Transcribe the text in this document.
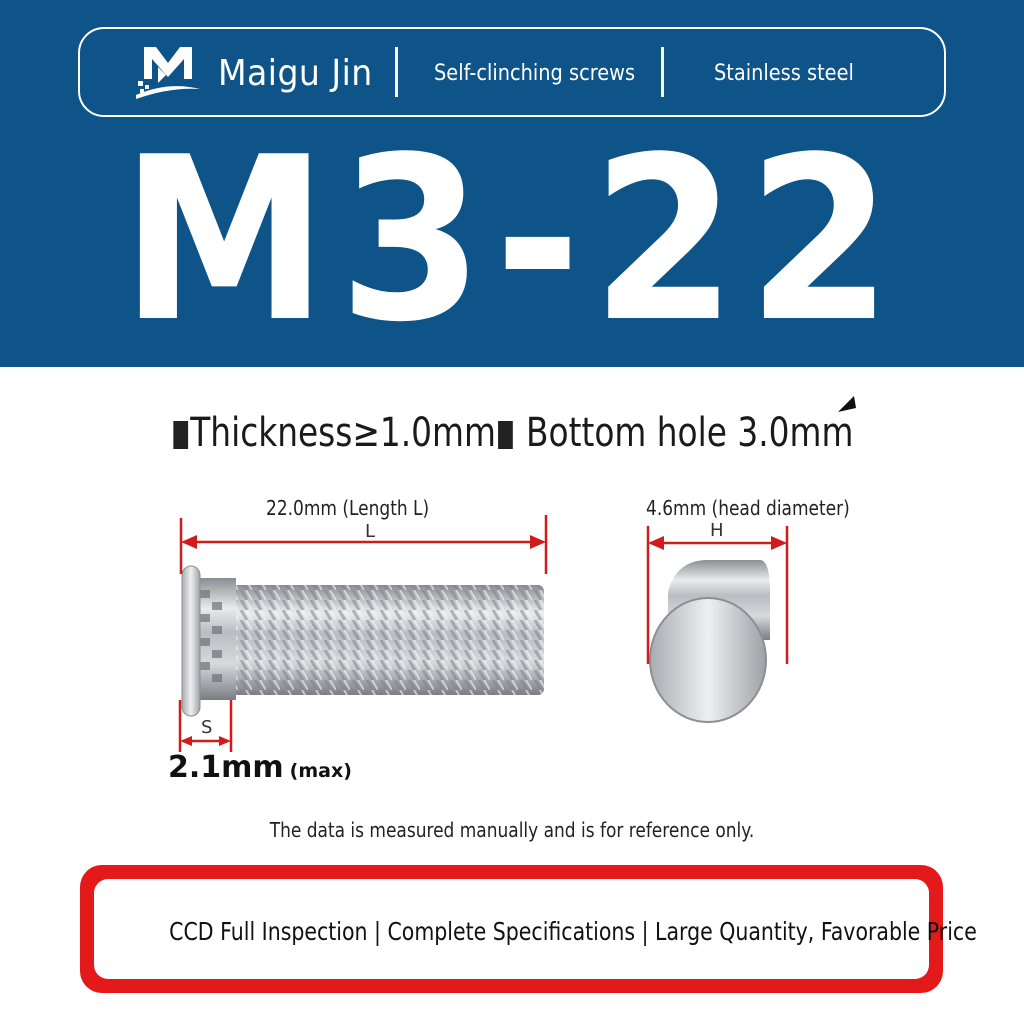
Maigu Jin	Self-clinching screws	Stainless steel
M3-22
Thickness≥1.0mm Bottom hole 3.0mm
22.0mm (Length L)
L
4.6mm (head diameter)
H
S
2.1mm (max)
The data is measured manually and is for reference only.
CCD Full Inspection | Complete Specifications | Large Quantity, Favorable Price
